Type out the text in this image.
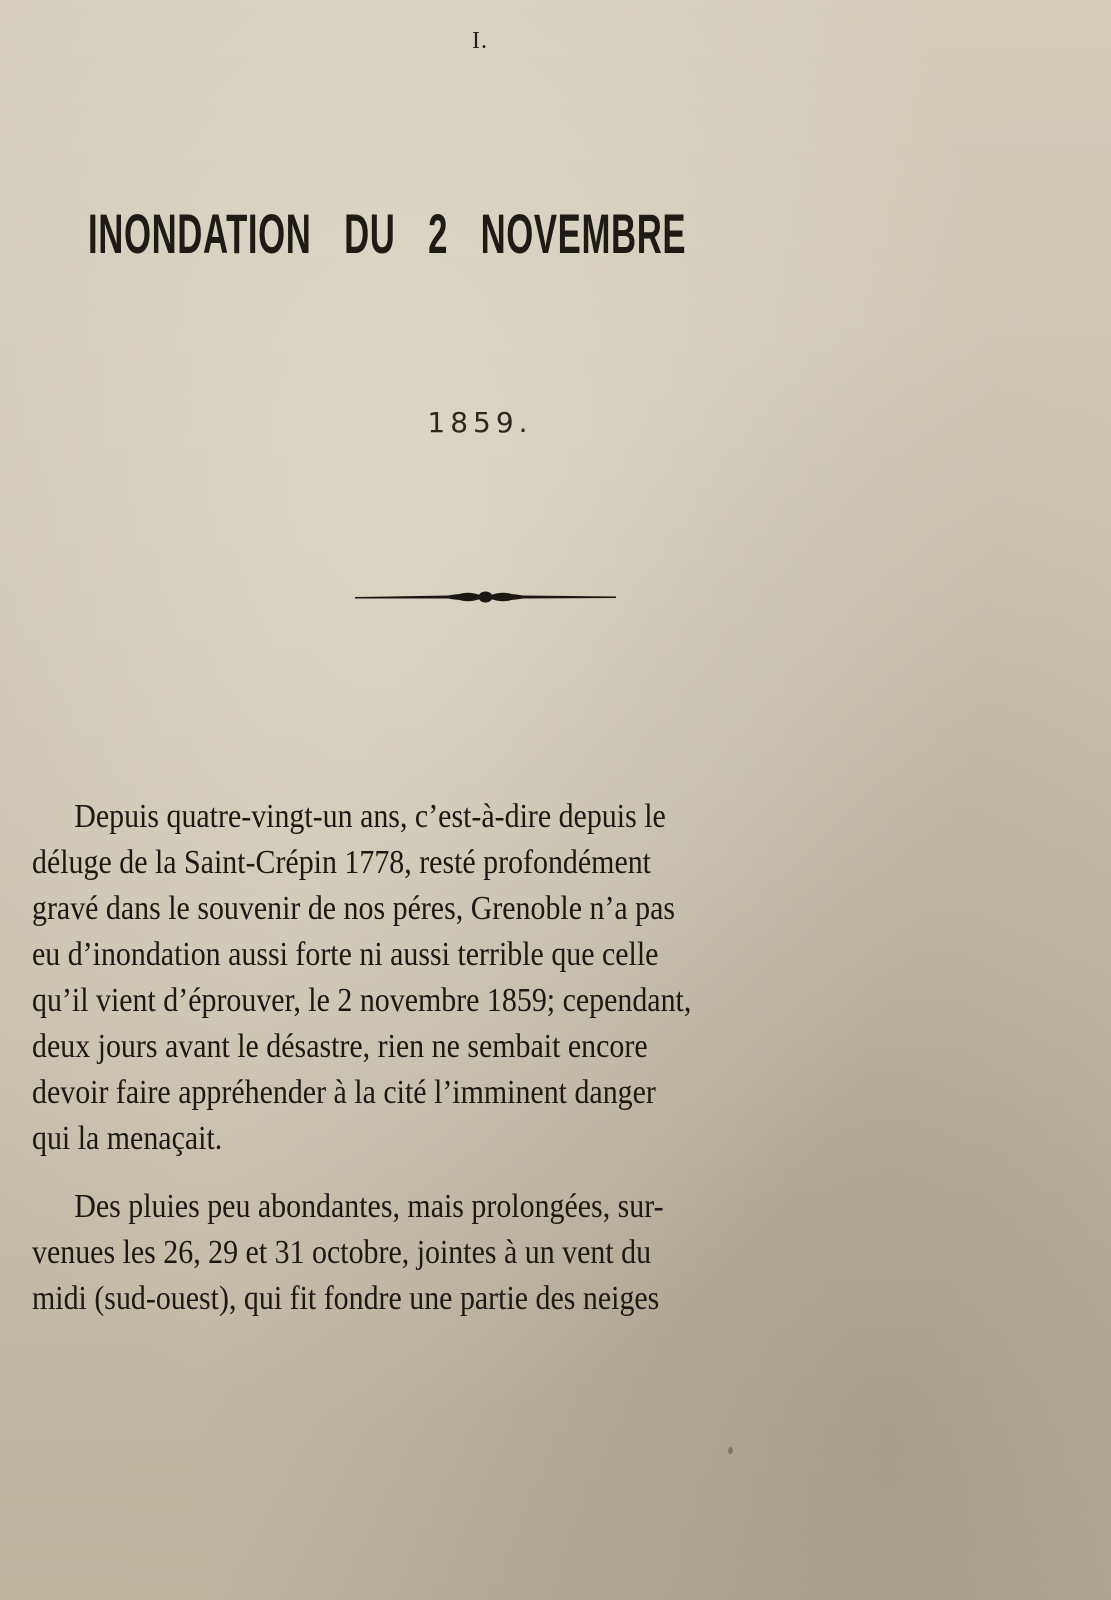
I.
INONDATION DU 2 NOVEMBRE
1859.
Depuis quatre-vingt-un ans, c’est-à-dire depuis le
déluge de la Saint-Crépin 1778, resté profondément
gravé dans le souvenir de nos péres, Grenoble n’a pas
eu d’inondation aussi forte ni aussi terrible que celle
qu’il vient d’éprouver, le 2 novembre 1859; cependant,
deux jours avant le désastre, rien ne sembait encore
devoir faire appréhender à la cité l’imminent danger
qui la menaçait.
Des pluies peu abondantes, mais prolongées, sur-
venues les 26, 29 et 31 octobre, jointes à un vent du
midi (sud-ouest), qui fit fondre une partie des neiges
